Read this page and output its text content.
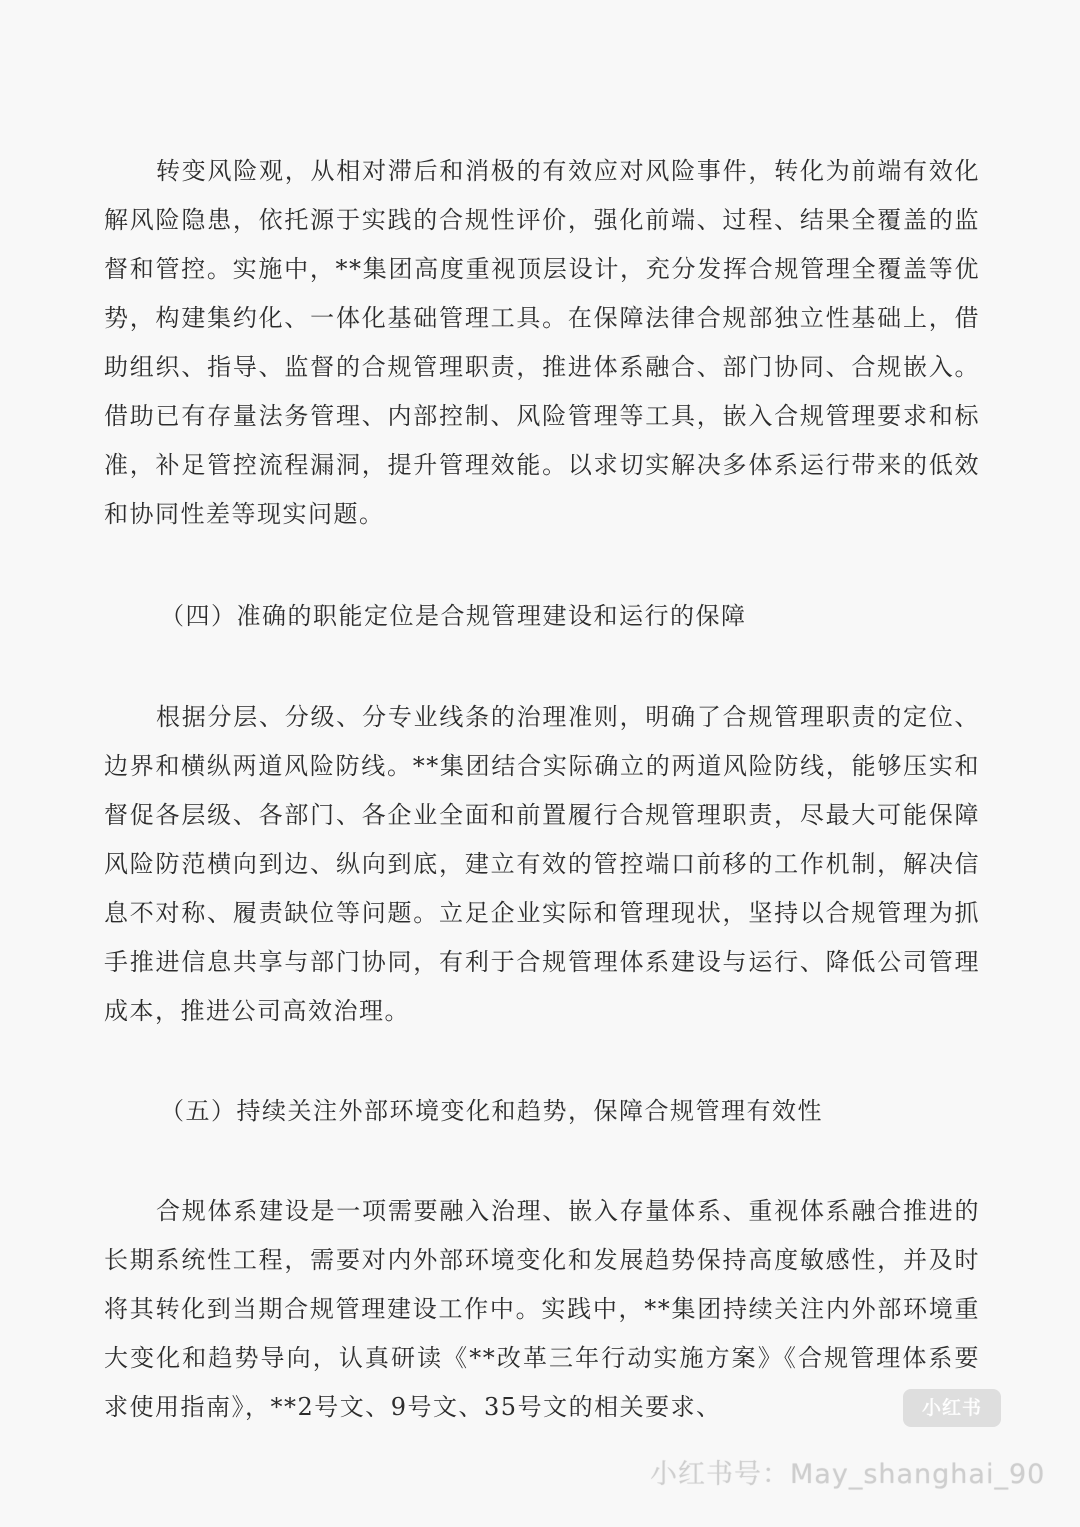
转变风险观，从相对滞后和消极的有效应对风险事件，转化为前端有效化解风险隐患，依托源于实践的合规性评价，强化前端、过程、结果全覆盖的监督和管控。实施中，**集团高度重视顶层设计，充分发挥合规管理全覆盖等优势，构建集约化、一体化基础管理工具。在保障法律合规部独立性基础上，借助组织、指导、监督的合规管理职责，推进体系融合、部门协同、合规嵌入。借助已有存量法务管理、内部控制、风险管理等工具，嵌入合规管理要求和标准，补足管控流程漏洞，提升管理效能。以求切实解决多体系运行带来的低效和协同性差等现实问题。

（四）准确的职能定位是合规管理建设和运行的保障

根据分层、分级、分专业线条的治理准则，明确了合规管理职责的定位、边界和横纵两道风险防线。**集团结合实际确立的两道风险防线，能够压实和督促各层级、各部门、各企业全面和前置履行合规管理职责，尽最大可能保障风险防范横向到边、纵向到底，建立有效的管控端口前移的工作机制，解决信息不对称、履责缺位等问题。立足企业实际和管理现状，坚持以合规管理为抓手推进信息共享与部门协同，有利于合规管理体系建设与运行、降低公司管理成本，推进公司高效治理。

（五）持续关注外部环境变化和趋势，保障合规管理有效性

合规体系建设是一项需要融入治理、嵌入存量体系、重视体系融合推进的长期系统性工程，需要对内外部环境变化和发展趋势保持高度敏感性，并及时将其转化到当期合规管理建设工作中。实践中，**集团持续关注内外部环境重大变化和趋势导向，认真研读《**改革三年行动实施方案》《合规管理体系要求使用指南》，**2号文、9号文、35号文的相关要求、	小红书
小红书号：May_shanghai_90
